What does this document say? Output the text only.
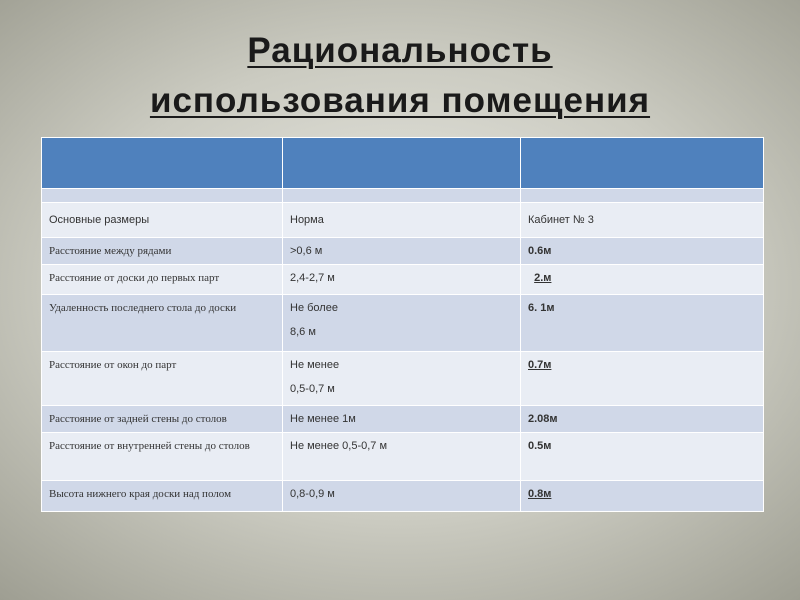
Рациональность
использования помещения

Основные размеры	Норма	Кабинет № 3
Расстояние между рядами	>0,6 м	0.6м
Расстояние от доски до первых парт	2,4-2,7 м	2.м
Удаленность последнего стола до доски	Не более
8,6 м	6. 1м
Расстояние от окон до парт	Не менее
0,5-0,7 м	0.7м
Расстояние от задней стены до столов	Не менее 1м	2.08м
Расстояние от внутренней стены до столов	Не менее 0,5-0,7 м	0.5м
Высота нижнего края доски над полом	0,8-0,9 м	0.8м
